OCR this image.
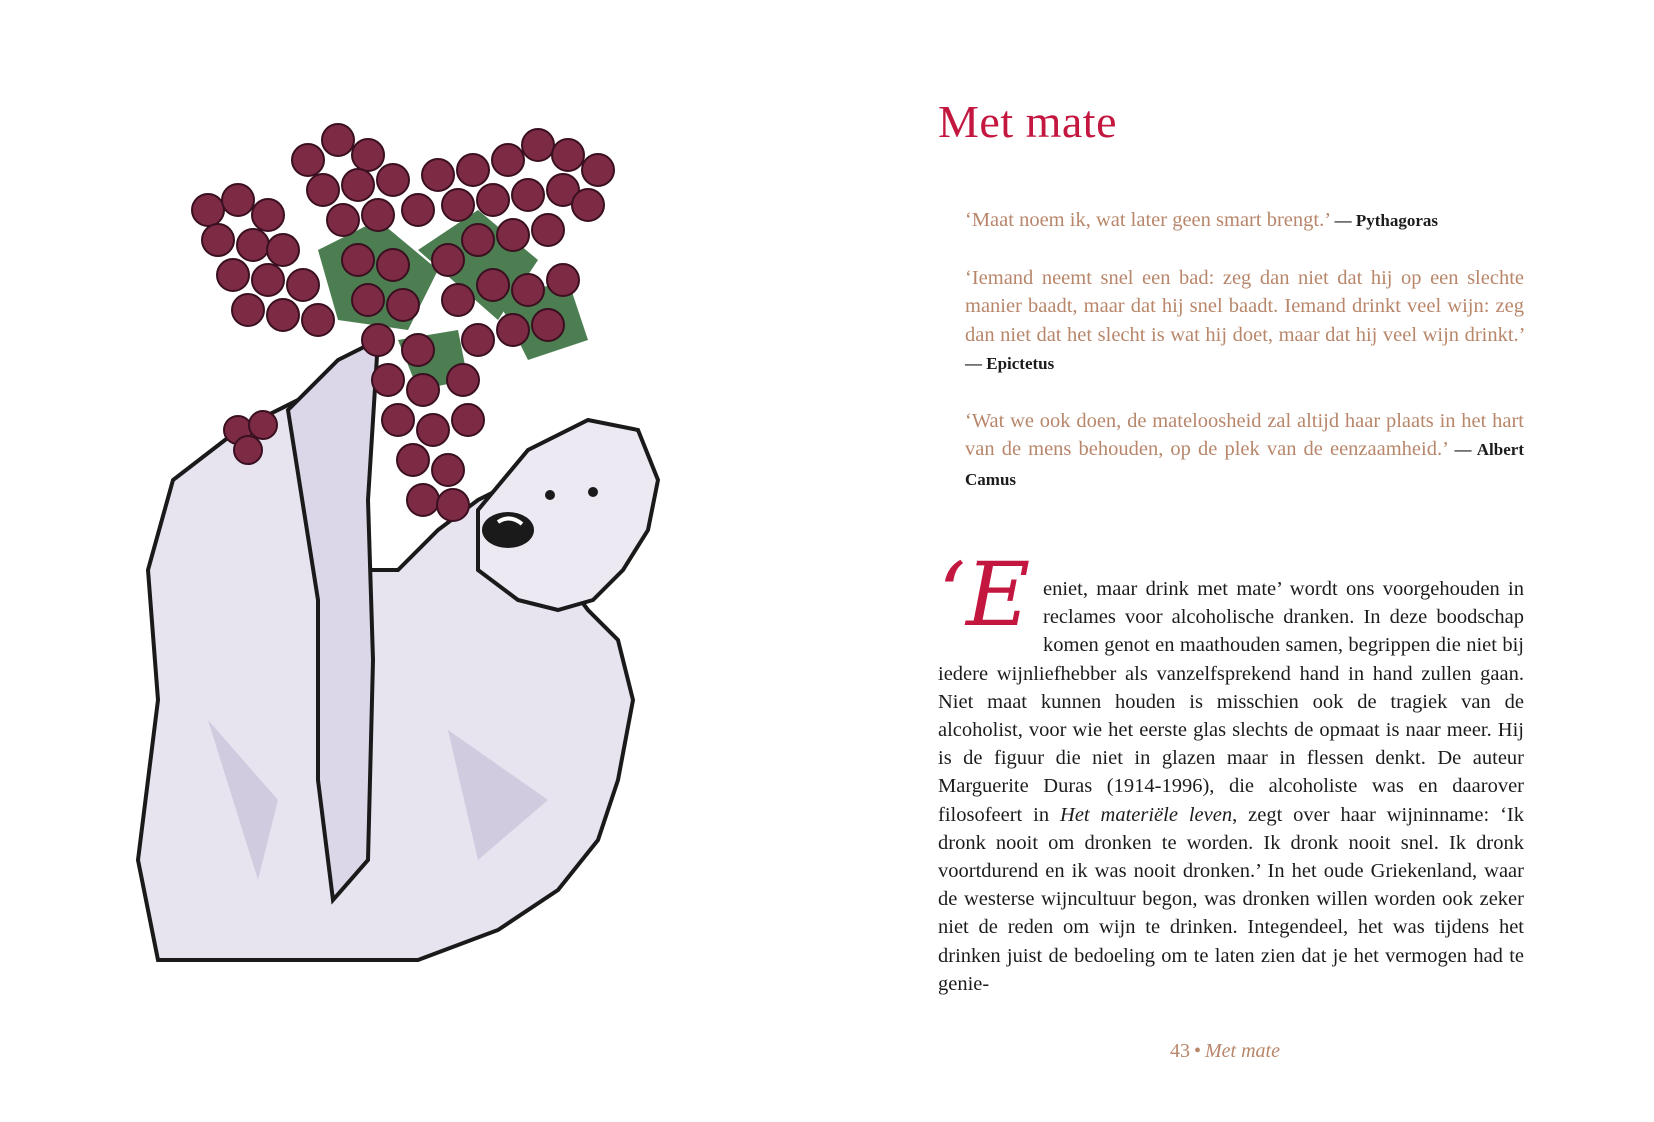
Met mate

‘Maat noem ik, wat later geen smart brengt.’ — Pythagoras

‘Iemand neemt snel een bad: zeg dan niet dat hij op een slechte manier baadt, maar dat hij snel baadt. Iemand drinkt veel wijn: zeg dan niet dat het slecht is wat hij doet, maar dat hij veel wijn drinkt.’ — Epictetus

‘Wat we ook doen, de mateloosheid zal altijd haar plaats in het hart van de mens behouden, op de plek van de eenzaamheid.’ — Albert Camus

‘Eeniet, maar drink met mate’ wordt ons voorgehouden in reclames voor alcoholische dranken. In deze boodschap komen genot en maathouden samen, begrippen die niet bij iedere wijnliefhebber als vanzelfsprekend hand in hand zullen gaan. Niet maat kunnen houden is misschien ook de tragiek van de alcoholist, voor wie het eerste glas slechts de opmaat is naar meer. Hij is de figuur die niet in glazen maar in flessen denkt. De auteur Marguerite Duras (1914-1996), die alcoholiste was en daarover filosofeert in Het materiële leven, zegt over haar wijninname: ‘Ik dronk nooit om dronken te worden. Ik dronk nooit snel. Ik dronk voortdurend en ik was nooit dronken.’ In het oude Griekenland, waar de westerse wijncultuur begon, was dronken willen worden ook zeker niet de reden om wijn te drinken. Integendeel, het was tijdens het drinken juist de bedoeling om te laten zien dat je het vermogen had te genie-

43 • Met mate
